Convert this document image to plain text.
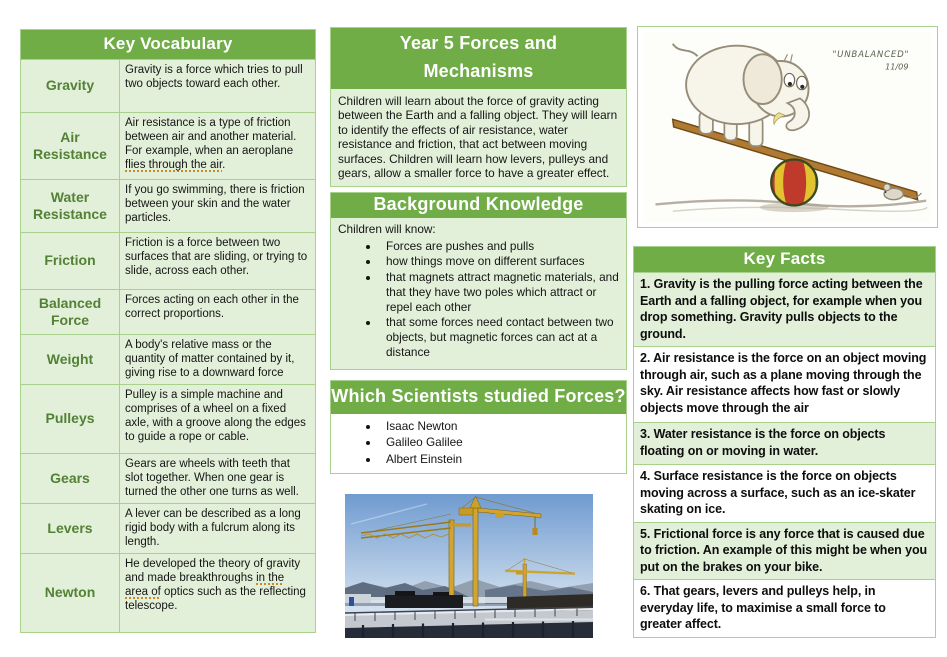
Key Vocabulary
Gravity
Gravity is a force which tries to pull two objects toward each other.
Air Resistance
Air resistance is a type of friction between air and another material. For example, when an aeroplane flies through the air.
Water Resistance
If you go swimming, there is friction between your skin and the water particles.
Friction
Friction is a force between two surfaces that are sliding, or trying to slide, across each other.
Balanced Force
Forces acting on each other in the correct proportions.
Weight
A body's relative mass or the quantity of matter contained by it, giving rise to a downward force
Pulleys
Pulley is a simple machine and comprises of a wheel on a fixed axle, with a groove along the edges to guide a rope or cable.
Gears
Gears are wheels with teeth that slot together. When one gear is turned the other one turns as well.
Levers
A lever can be described as a long rigid body with a fulcrum along its length.
Newton
He developed the theory of gravity and made breakthroughs in the area of optics such as the reflecting telescope.
Year 5 Forces and Mechanisms
Children will learn about the force of gravity acting between the Earth and a falling object. They will learn to identify the effects of air resistance, water resistance and friction, that act between moving surfaces. Children will learn how levers, pulleys and gears, allow a smaller force to have a greater effect.
Background Knowledge
Children will know:
• Forces are pushes and pulls
• how things move on different surfaces
• that magnets attract magnetic materials, and that they have two poles which attract or repel each other
• that some forces need contact between two objects, but magnetic forces can act at a distance
Which Scientists studied Forces?
• Isaac Newton
• Galileo Galilee
• Albert Einstein
"UNBALANCED"
11/09
Key Facts
1. Gravity is the pulling force acting between the Earth and a falling object, for example when you drop something. Gravity pulls objects to the ground.
2. Air resistance is the force on an object moving through air, such as a plane moving through the sky. Air resistance affects how fast or slowly objects move through the air
3. Water resistance is the force on objects floating on or moving in water.
4. Surface resistance is the force on objects moving across a surface, such as an ice-skater skating on ice.
5. Frictional force is any force that is caused due to friction. An example of this might be when you put on the brakes on your bike.
6. That gears, levers and pulleys help, in everyday life, to maximise a small force to greater affect.
